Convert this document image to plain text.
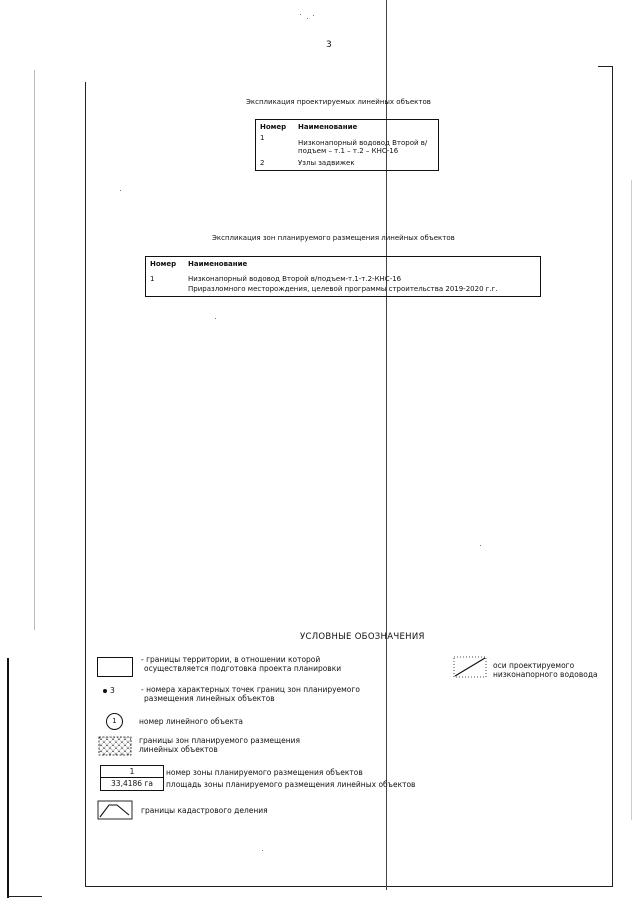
3
Экспликация проектируемых линейных объектов
Номер	Наименование
1	Низконапорный водовод Второй в/подъем – т.1 – т.2 – КНС-16
2	Узлы задвижек
Экспликация зон планируемого размещения линейных объектов
Номер	Наименование
1	Низконапорный водовод Второй в/подъем-т.1-т.2-КНС-16
Приразломного месторождения, целевой программы строительства 2019-2020 г.г.
УСЛОВНЫЕ ОБОЗНАЧЕНИЯ
- границы территории, в отношении которой
осуществляется подготовка проекта планировки	оси проектируемого
низконапорного водовода
3	- номера характерных точек границ зон планируемого
размещения линейных объектов
1	номер линейного объекта
границы зон планируемого размещения
линейных объектов
1
33,4186 га
номер зоны планируемого размещения объектов
площадь зоны планируемого размещения линейных объектов
границы кадастрового деления
